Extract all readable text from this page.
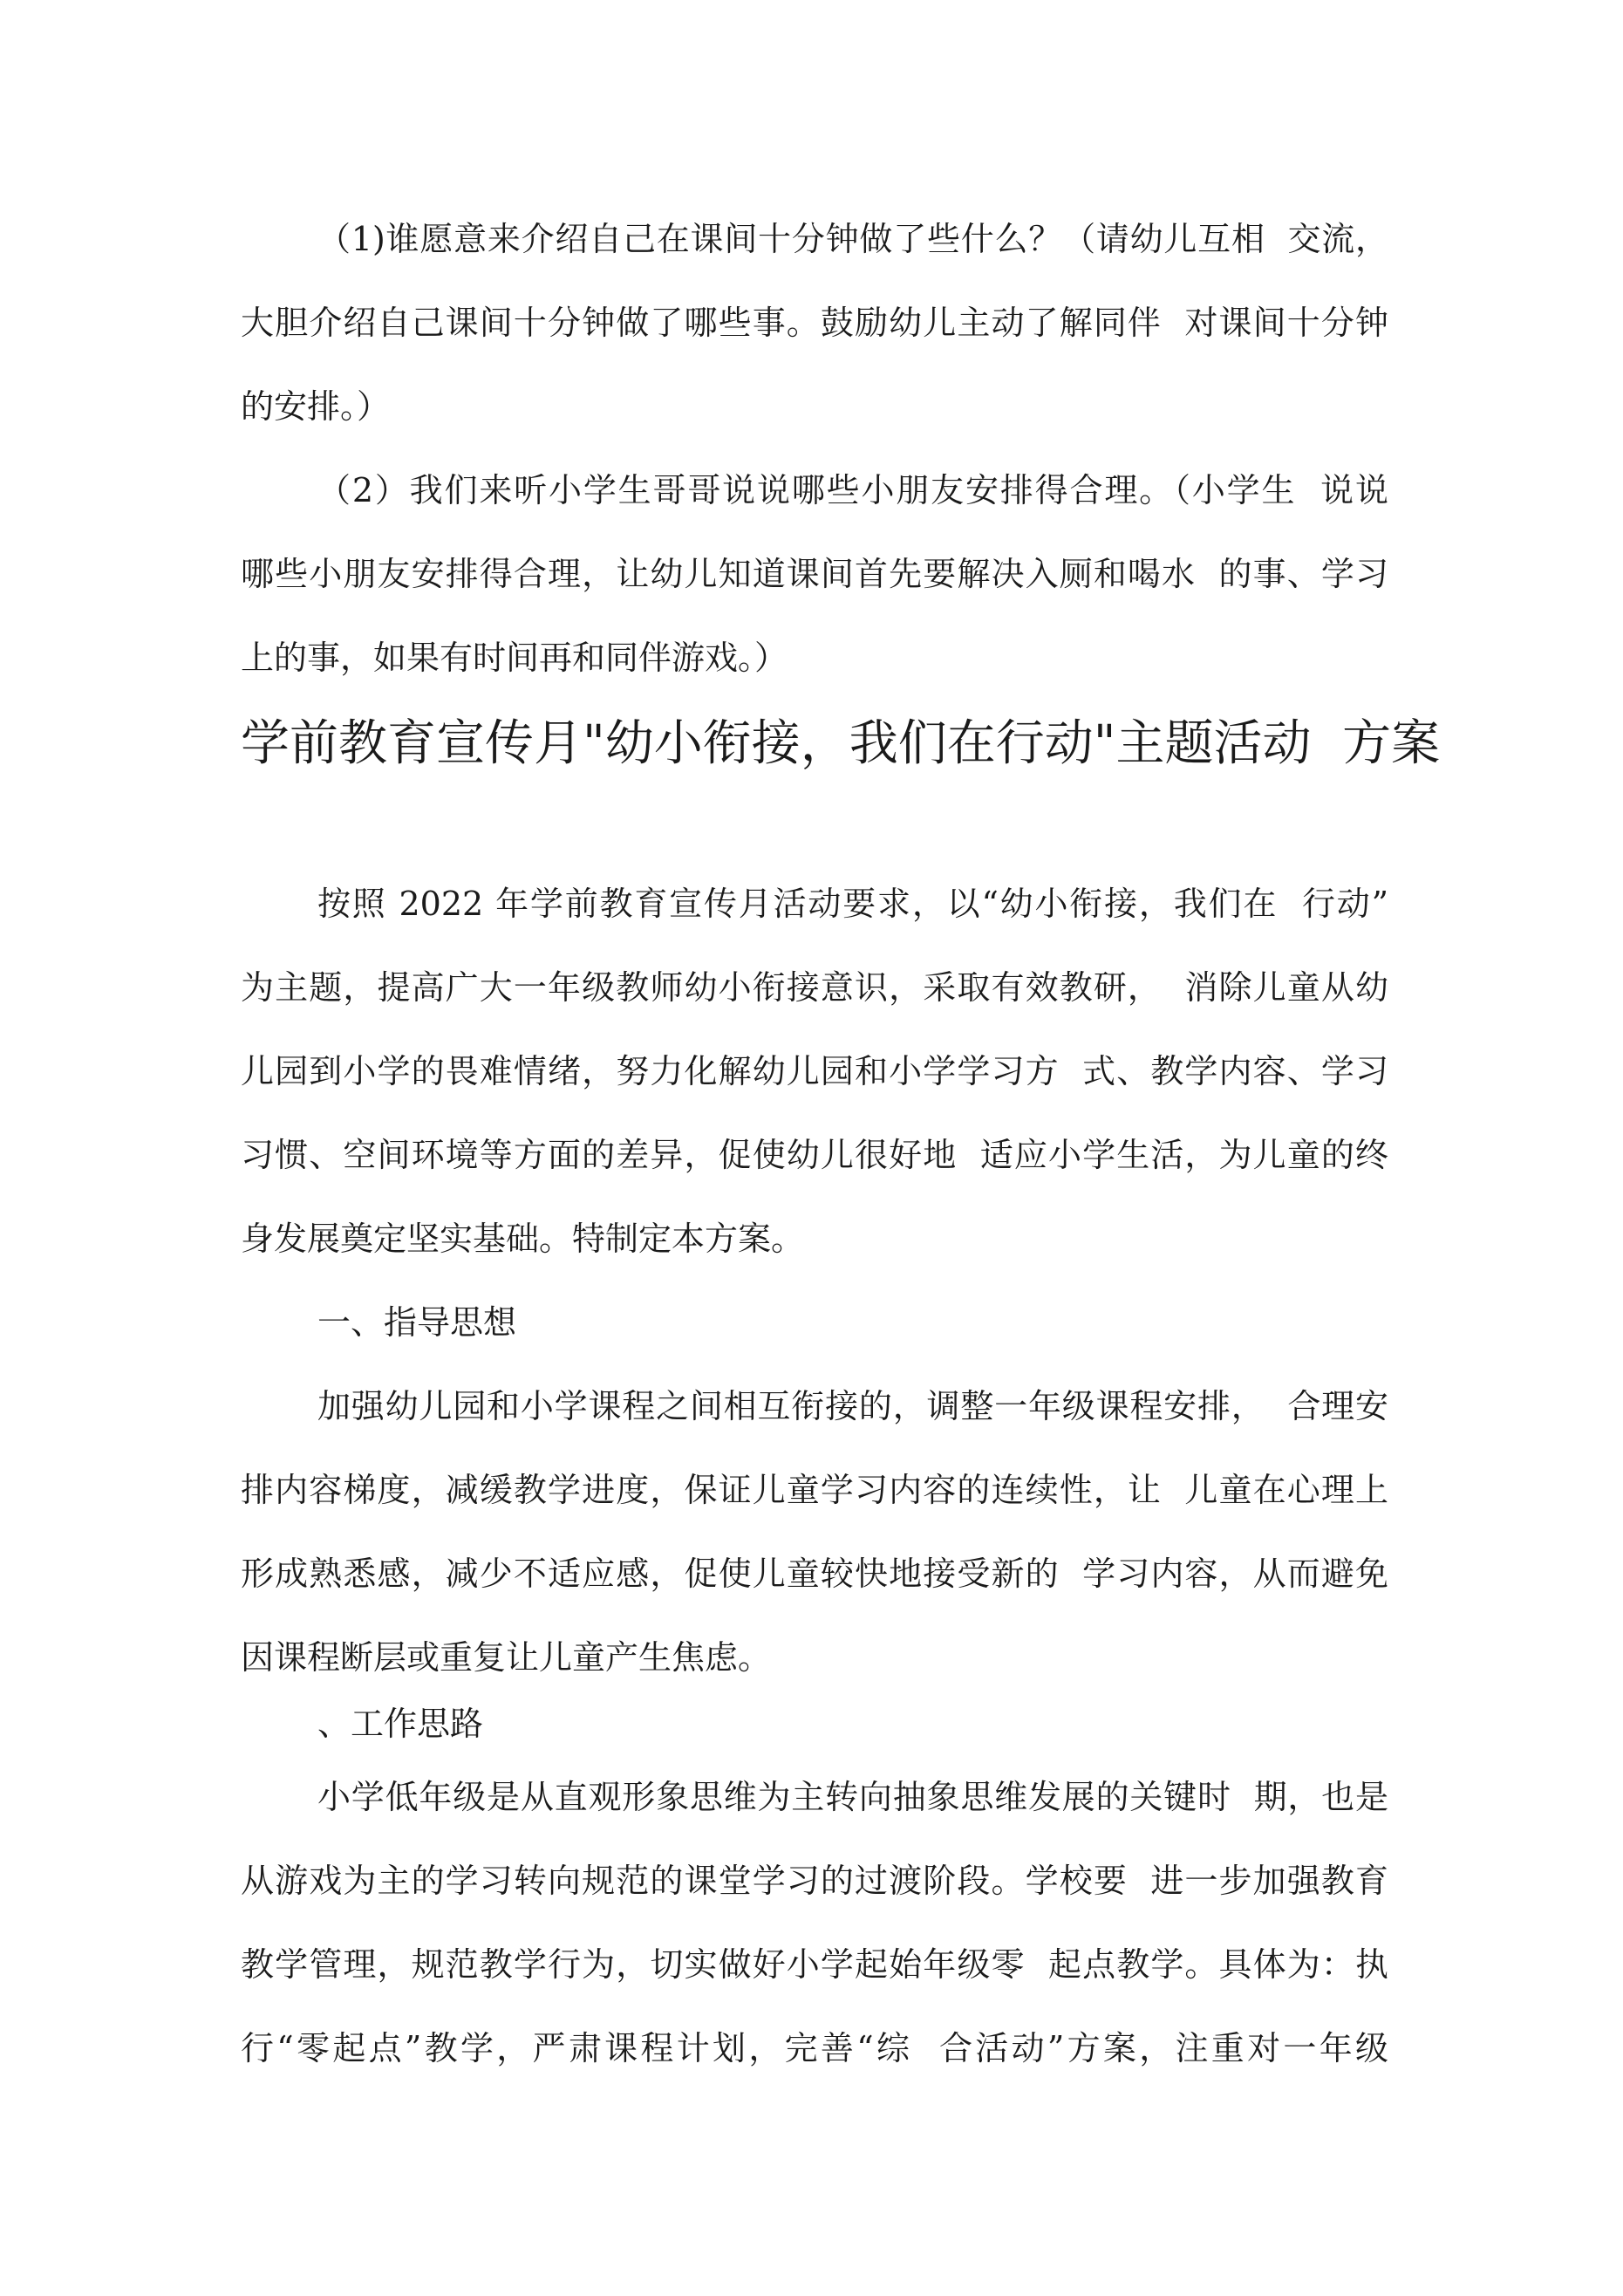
（1)谁愿意来介绍自己在课间十分钟做了些什么？（请幼儿互相  交流，
大胆介绍自己课间十分钟做了哪些事。鼓励幼儿主动了解同伴  对课间十分钟
的安排。）
（2）我们来听小学生哥哥说说哪些小朋友安排得合理。（小学生  说说
哪些小朋友安排得合理，让幼儿知道课间首先要解决入厕和喝水  的事、学习
上的事，如果有时间再和同伴游戏。）
学前教育宣传月"幼小衔接，我们在行动"主题活动  方案
按照 2022 年学前教育宣传月活动要求，以“幼小衔接，我们在  行动”
为主题，提高广大一年级教师幼小衔接意识，采取有效教研，  消除儿童从幼
儿园到小学的畏难情绪，努力化解幼儿园和小学学习方  式、教学内容、学习
习惯、空间环境等方面的差异，促使幼儿很好地  适应小学生活，为儿童的终
身发展奠定坚实基础。特制定本方案。
一、指导思想
加强幼儿园和小学课程之间相互衔接的，调整一年级课程安排，  合理安
排内容梯度，减缓教学进度，保证儿童学习内容的连续性，让  儿童在心理上
形成熟悉感，减少不适应感，促使儿童较快地接受新的  学习内容，从而避免
因课程断层或重复让儿童产生焦虑。
、工作思路
小学低年级是从直观形象思维为主转向抽象思维发展的关键时  期，也是
从游戏为主的学习转向规范的课堂学习的过渡阶段。学校要  进一步加强教育
教学管理，规范教学行为，切实做好小学起始年级零  起点教学。具体为：执
行“零起点”教学，严肃课程计划，完善“综  合活动”方案，注重对一年级
